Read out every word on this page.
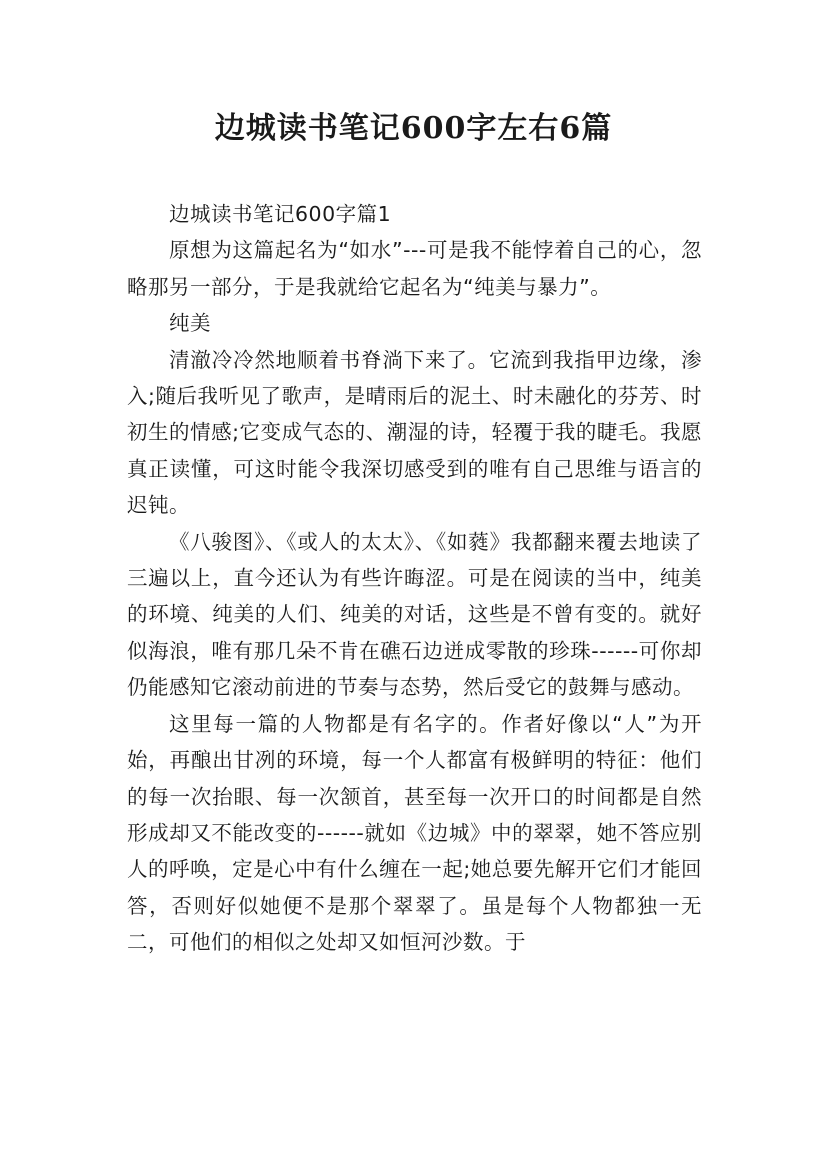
边城读书笔记600字左右6篇

边城读书笔记600字篇1

原想为这篇起名为“如水”---可是我不能悖着自己的心，忽略那另一部分，于是我就给它起名为“纯美与暴力”。

纯美

清澈冷冷然地顺着书脊淌下来了。它流到我指甲边缘，渗入;随后我听见了歌声，是晴雨后的泥土、时未融化的芬芳、时初生的情感;它变成气态的、潮湿的诗，轻覆于我的睫毛。我愿真正读懂，可这时能令我深切感受到的唯有自己思维与语言的迟钝。

《八骏图》、《或人的太太》、《如蕤》我都翻来覆去地读了三遍以上，直今还认为有些许晦涩。可是在阅读的当中，纯美的环境、纯美的人们、纯美的对话，这些是不曾有变的。就好似海浪，唯有那几朵不肯在礁石边迸成零散的珍珠------可你却仍能感知它滚动前进的节奏与态势，然后受它的鼓舞与感动。

这里每一篇的人物都是有名字的。作者好像以“人”为开始，再酿出甘冽的环境，每一个人都富有极鲜明的特征：他们的每一次抬眼、每一次颔首，甚至每一次开口的时间都是自然形成却又不能改变的------就如《边城》中的翠翠，她不答应别人的呼唤，定是心中有什么缠在一起;她总要先解开它们才能回答，否则好似她便不是那个翠翠了。虽是每个人物都独一无二，可他们的相似之处却又如恒河沙数。于
